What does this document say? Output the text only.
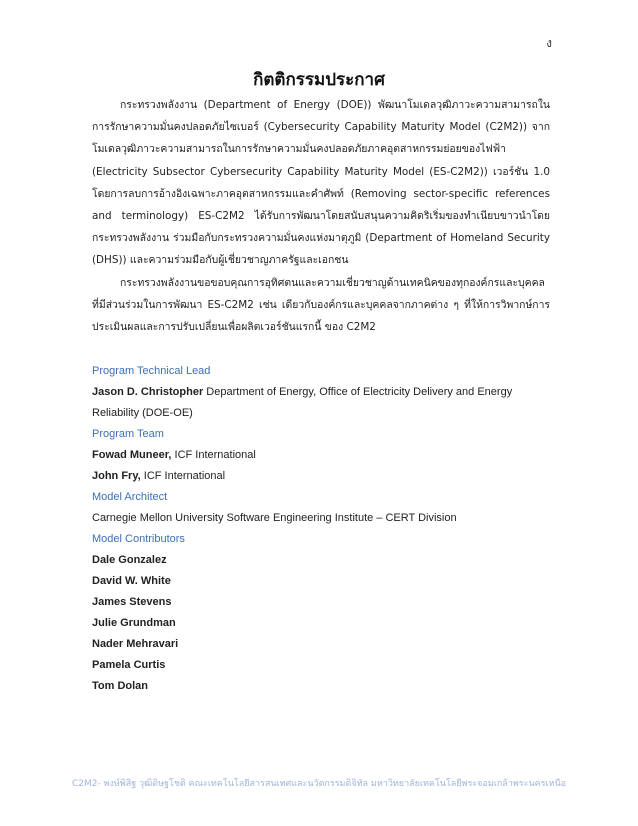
ง
กิตติกรรมประกาศ

กระทรวงพลังงาน (Department of Energy (DOE)) พัฒนาโมเดลวุฒิภาวะความสามารถในการรักษาความมั่นคงปลอดภัยไซเบอร์ (Cybersecurity Capability Maturity Model (C2M2)) จากโมเดลวุฒิภาวะความสามารถในการรักษาความมั่นคงปลอดภัยภาคอุตสาหกรรมย่อยของไฟฟ้า (Electricity Subsector Cybersecurity Capability Maturity Model (ES-C2M2)) เวอร์ชัน 1.0 โดยการลบการอ้างอิงเฉพาะภาคอุตสาหกรรมและคำศัพท์ (Removing sector-specific references and terminology) ES-C2M2 ได้รับการพัฒนาโดยสนับสนุนความคิดริเริ่มของทำเนียบขาวนำโดยกระทรวงพลังงาน ร่วมมือกับกระทรวงความมั่นคงแห่งมาตุภูมิ (Department of Homeland Security (DHS)) และความร่วมมือกับผู้เชี่ยวชาญภาครัฐและเอกชน

กระทรวงพลังงานขอขอบคุณการอุทิศตนและความเชี่ยวชาญด้านเทคนิคของทุกองค์กรและบุคคลที่มีส่วนร่วมในการพัฒนา ES-C2M2 เช่น เดียวกับองค์กรและบุคคลจากภาคต่าง ๆ ที่ให้การวิพากษ์การประเมินผลและการปรับเปลี่ยนเพื่อผลิตเวอร์ชันแรกนี้ ของ C2M2

Program Technical Lead
Jason D. Christopher Department of Energy, Office of Electricity Delivery and Energy Reliability (DOE-OE)
Program Team
Fowad Muneer, ICF International
John Fry, ICF International
Model Architect
Carnegie Mellon University Software Engineering Institute – CERT Division
Model Contributors
Dale Gonzalez
David W. White
James Stevens
Julie Grundman
Nader Mehravari
Pamela Curtis
Tom Dolan
C2M2- พงษ์พิสิฐ วุฒิดิษฐโชติ คณะเทคโนโลยีสารสนเทศและนวัตกรรมดิจิทัล มหาวิทยาลัยเทคโนโลยีพระจอมเกล้าพระนครเหนือ
